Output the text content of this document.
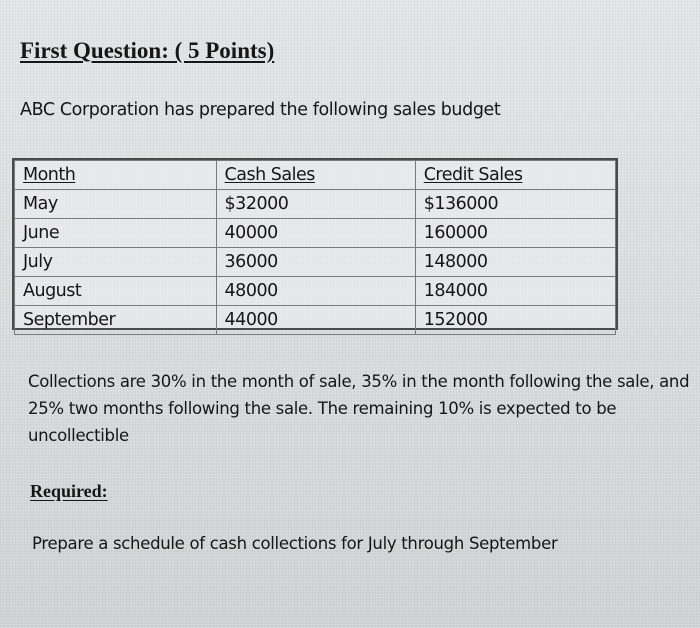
First Question: ( 5 Points)

ABC Corporation has prepared the following sales budget

Month	Cash Sales	Credit Sales
May	$32000	$136000
June	40000	160000
July	36000	148000
August	48000	184000
September	44000	152000

Collections are 30% in the month of sale, 35% in the month following the sale, and 25% two months following the sale. The remaining 10% is expected to be uncollectible

Required:

Prepare a schedule of cash collections for July through September
